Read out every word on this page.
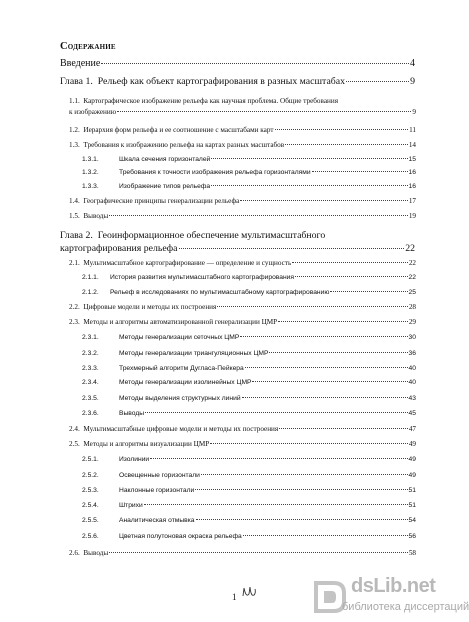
Содержание
Введение	4
Глава 1. Рельеф как объект картографирования в разных масштабах	9
1.1. Картографическое изображение рельефа как научная проблема. Общие требования
к изображению	9
1.2. Иерархия форм рельефа и ее соотношение с масштабами карт	11
1.3. Требования к изображению рельефа на картах разных масштабов	14
1.3.1.	Шкала сечения горизонталей	15
1.3.2.	Требования к точности изображения рельефа горизонталями	16
1.3.3.	Изображение типов рельефа	16
1.4. Географические принципы генерализации рельефа	17
1.5. Выводы	19
Глава 2. Геоинформационное обеспечение мультимасштабного
картографирования рельефа	22
2.1. Мультимасштабное картографирование — определение и сущность	22
2.1.1. История развития мультимасштабного картографирования	22
2.1.2. Рельеф в исследованиях по мультимасштабному картографированию	25
2.2. Цифровые модели и методы их построения	28
2.3. Методы и алгоритмы автоматизированной генерализации ЦМР	29
2.3.1.	Методы генерализации сеточных ЦМР	30
2.3.2.	Методы генерализации триангуляционных ЦМР	36
2.3.3.	Трехмерный алгоритм Дугласа-Пейкера	40
2.3.4.	Методы генерализации изолинейных ЦМР	40
2.3.5.	Методы выделения структурных линий	43
2.3.6.	Выводы	45
2.4. Мультимасштабные цифровые модели и методы их построения	47
2.5. Методы и алгоритмы визуализации ЦМР	49
2.5.1.	Изолинии	49
2.5.2.	Освещенные горизонтали	49
2.5.3.	Наклонные горизонтали	51
2.5.4.	Штрихи	51
2.5.5.	Аналитическая отмывка	54
2.5.6.	Цветная полутоновая окраска рельефа	56
2.6. Выводы	58
1	dsLib.net
библиотека диссертаций
